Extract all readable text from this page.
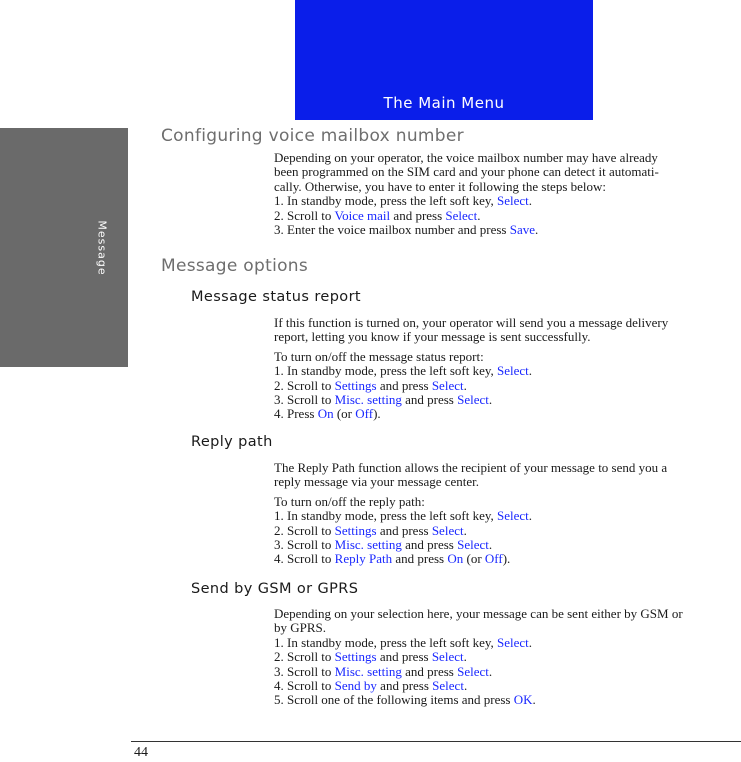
Message
The Main Menu
Configuring voice mailbox number
Depending on your operator, the voice mailbox number may have already
been programmed on the SIM card and your phone can detect it automati-
cally. Otherwise, you have to enter it following the steps below:
1. In standby mode, press the left soft key, Select.
2. Scroll to Voice mail and press Select.
3. Enter the voice mailbox number and press Save.
Message options
Message status report
If this function is turned on, your operator will send you a message delivery
report, letting you know if your message is sent successfully.
To turn on/off the message status report:
1. In standby mode, press the left soft key, Select.
2. Scroll to Settings and press Select.
3. Scroll to Misc. setting and press Select.
4. Press On (or Off).
Reply path
The Reply Path function allows the recipient of your message to send you a
reply message via your message center.
To turn on/off the reply path:
1. In standby mode, press the left soft key, Select.
2. Scroll to Settings and press Select.
3. Scroll to Misc. setting and press Select.
4. Scroll to Reply Path and press On (or Off).
Send by GSM or GPRS
Depending on your selection here, your message can be sent either by GSM or
by GPRS.
1. In standby mode, press the left soft key, Select.
2. Scroll to Settings and press Select.
3. Scroll to Misc. setting and press Select.
4. Scroll to Send by and press Select.
5. Scroll one of the following items and press OK.
44
